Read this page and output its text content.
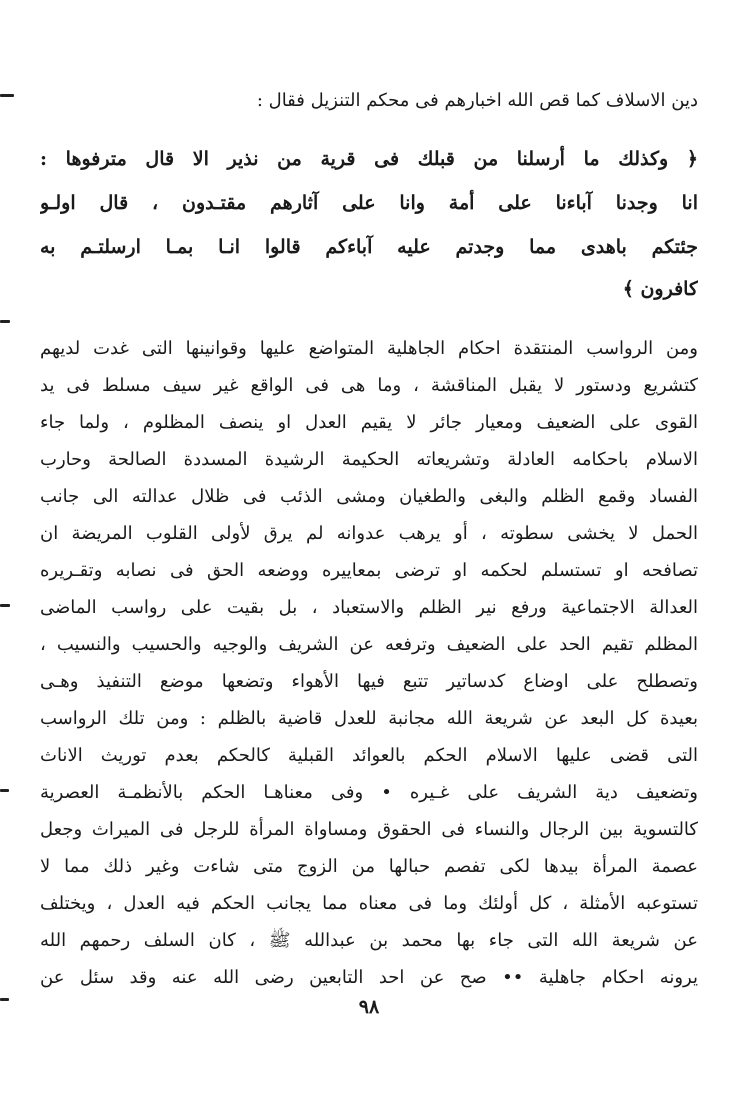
دين الاسلاف كما قص الله اخبارهم فى محكم التنزيل فقال :
﴿ وكذلك ما أرسلنا من قبلك فى قرية من نذير الا قال مترفوها :
انا وجدنا آباءنا على أمة وانا على آثارهم مقتـدون ، قال اولـو
جئتكم باهدى مما وجدتم عليه آباءكم قالوا انـا بمـا ارسلتـم به
كافرون ﴾
ومن الرواسب المنتقدة احكام الجاهلية المتواضع عليها وقوانينها التى غدت لديهم
كتشريع ودستور لا يقبل المناقشة ، وما هى فى الواقع غير سيف مسلط فى يد
القوى على الضعيف ومعيار جائر لا يقيم العدل او ينصف المظلوم ، ولما جاء
الاسلام باحكامه العادلة وتشريعاته الحكيمة الرشيدة المسددة الصالحة وحارب
الفساد وقمع الظلم والبغى والطغيان ومشى الذئب فى ظلال عدالته الى جانب
الحمل لا يخشى سطوته ، أو يرهب عدوانه لم يرق لأولى القلوب المريضة ان
تصافحه او تستسلم لحكمه او ترضى بمعاييره ووضعه الحق فى نصابه وتقـريره
العدالة الاجتماعية ورفع نير الظلم والاستعباد ، بل بقيت على رواسب الماضى
المظلم تقيم الحد على الضعيف وترفعه عن الشريف والوجيه والحسيب والنسيب ،
وتصطلح على اوضاع كدساتير تتبع فيها الأهواء وتضعها موضع التنفيذ وهـى
بعيدة كل البعد عن شريعة الله مجانبة للعدل قاضية بالظلم : ومن تلك الرواسب
التى قضى عليها الاسلام الحكم بالعوائد القبلية كالحكم بعدم توريث الاناث
وتضعيف دية الشريف على غـيره • وفى معناهـا الحكم بالأنظمـة العصرية
كالتسوية بين الرجال والنساء فى الحقوق ومساواة المرأة للرجل فى الميراث وجعل
عصمة المرأة بيدها لكى تفصم حبالها من الزوج متى شاءت وغير ذلك مما لا
تستوعبه الأمثلة ، كل أولئك وما فى معناه مما يجانب الحكم فيه العدل ، ويختلف
عن شريعة الله التى جاء بها محمد بن عبدالله ﷺ ، كان السلف رحمهم الله
يرونه احكام جاهلية •• صح عن احد التابعين رضى الله عنه وقد سئل عن
٩٨
